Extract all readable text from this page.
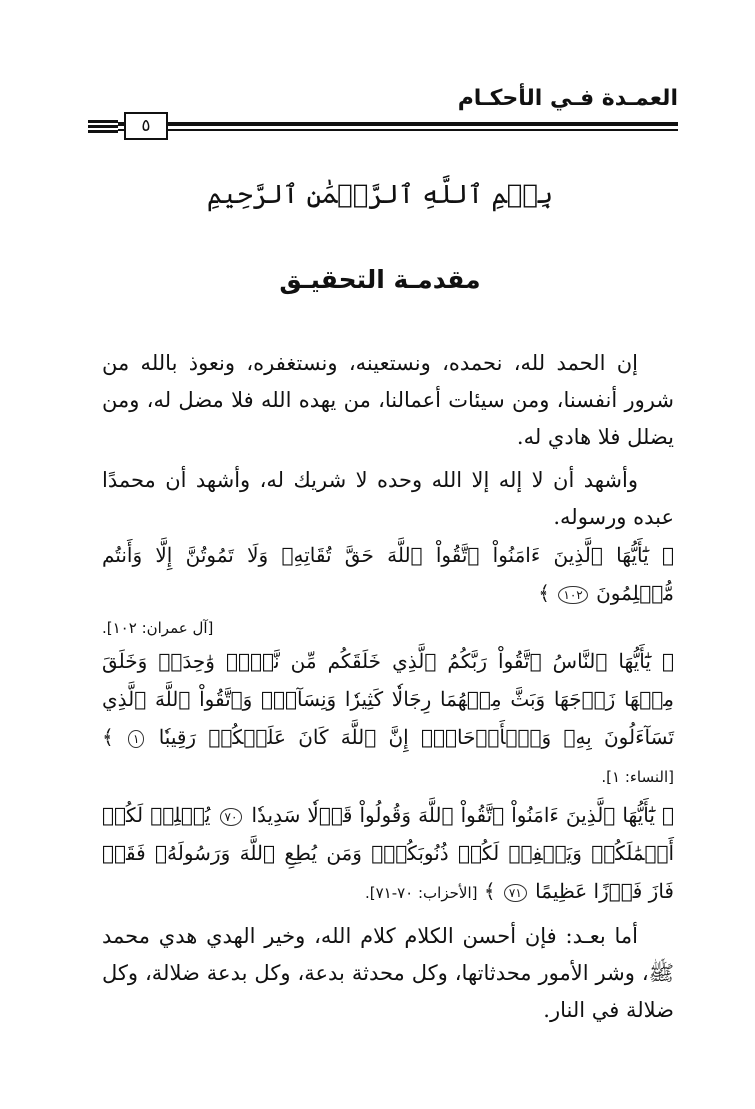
العمـدة فـي الأحكـام
٥
بِسۡمِ ٱللَّهِ ٱلرَّحۡمَٰنِ ٱلرَّحِيمِ
مقدمـة التحقيـق

إن الحمد لله، نحمده، ونستعينه، ونستغفره، ونعوذ بالله من شرور أنفسنا، ومن سيئات أعمالنا، من يهده الله فلا مضل له، ومن يضلل فلا هادي له.

وأشهد أن لا إله إلا الله وحده لا شريك له، وأشهد أن محمدًا عبده ورسوله.

﴿ يَٰٓأَيُّهَا ٱلَّذِينَ ءَامَنُواْ ٱتَّقُواْ ٱللَّهَ حَقَّ تُقَاتِهِۦ وَلَا تَمُوتُنَّ إِلَّا وَأَنتُم مُّسۡلِمُونَ ١٠٢ ﴾

[آل عمران: ١٠٢].

﴿ يَٰٓأَيُّهَا ٱلنَّاسُ ٱتَّقُواْ رَبَّكُمُ ٱلَّذِي خَلَقَكُم مِّن نَّفۡسٖ وَٰحِدَةٖ وَخَلَقَ مِنۡهَا زَوۡجَهَا وَبَثَّ مِنۡهُمَا رِجَالٗا كَثِيرٗا وَنِسَآءٗۚ وَٱتَّقُواْ ٱللَّهَ ٱلَّذِي تَسَآءَلُونَ بِهِۦ وَٱلۡأَرۡحَامَۚ إِنَّ ٱللَّهَ كَانَ عَلَيۡكُمۡ رَقِيبٗا ١ ﴾ [النساء: ١].

﴿ يَٰٓأَيُّهَا ٱلَّذِينَ ءَامَنُواْ ٱتَّقُواْ ٱللَّهَ وَقُولُواْ قَوۡلٗا سَدِيدٗا ٧٠ يُصۡلِحۡ لَكُمۡ أَعۡمَٰلَكُمۡ وَيَغۡفِرۡ لَكُمۡ ذُنُوبَكُمۡۗ وَمَن يُطِعِ ٱللَّهَ وَرَسُولَهُۥ فَقَدۡ فَازَ فَوۡزًا عَظِيمًا ٧١ ﴾ [الأحزاب: ٧٠-٧١].

أما بعـد: فإن أحسن الكلام كلام الله، وخير الهدي هدي محمد ﷺ، وشر الأمور محدثاتها، وكل محدثة بدعة، وكل بدعة ضلالة، وكل ضلالة في النار.
